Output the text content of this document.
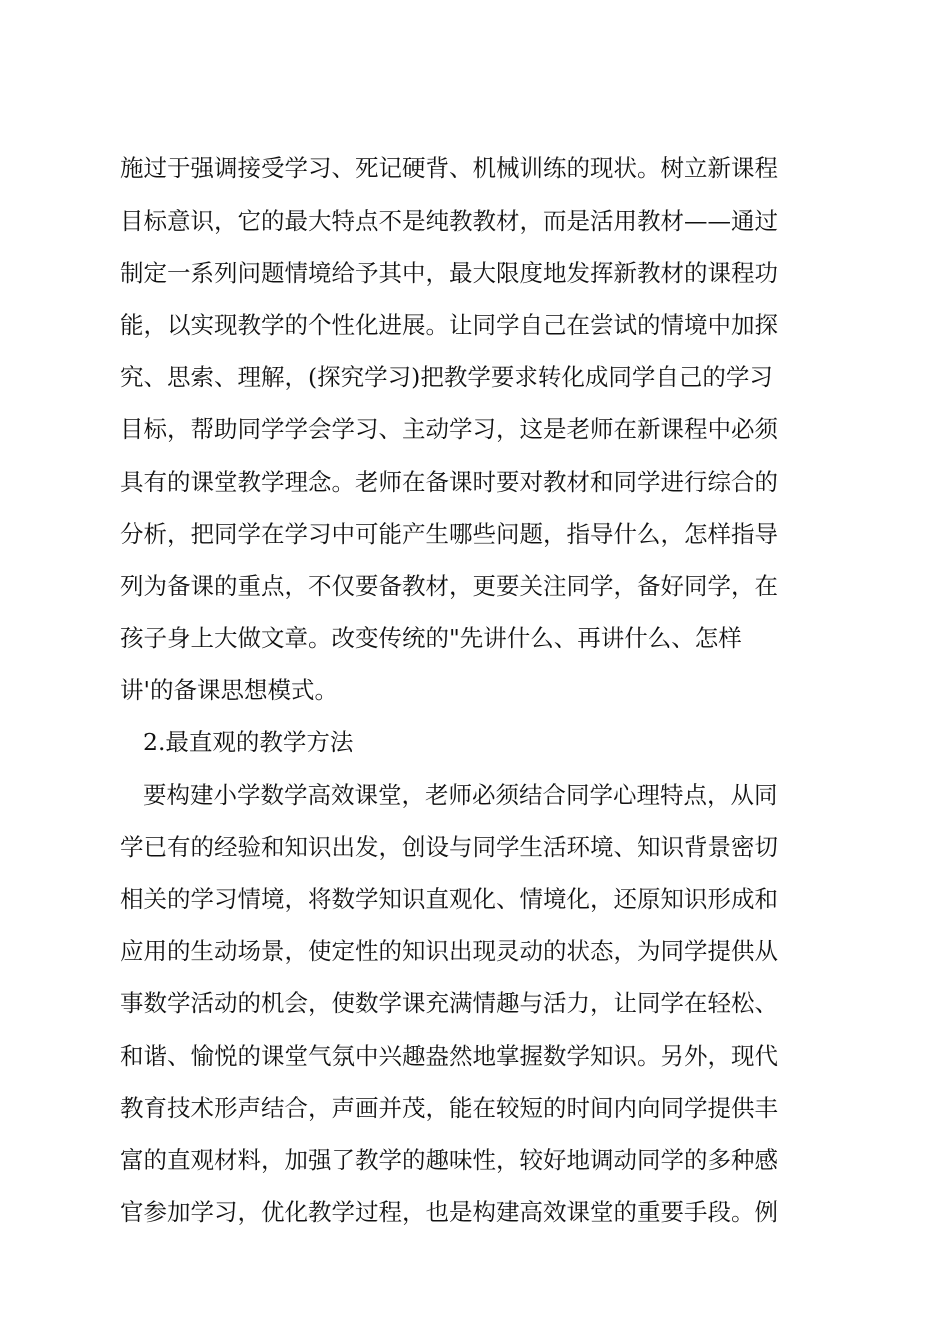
施过于强调接受学习、死记硬背、机械训练的现状。树立新课程
目标意识，它的最大特点不是纯教教材，而是活用教材——通过
制定一系列问题情境给予其中，最大限度地发挥新教材的课程功
能，以实现教学的个性化进展。让同学自己在尝试的情境中加探
究、思索、理解，(探究学习)把教学要求转化成同学自己的学习
目标，帮助同学学会学习、主动学习，这是老师在新课程中必须
具有的课堂教学理念。老师在备课时要对教材和同学进行综合的
分析，把同学在学习中可能产生哪些问题，指导什么，怎样指导
列为备课的重点，不仅要备教材，更要关注同学，备好同学，在
孩子身上大做文章。改变传统的"先讲什么、再讲什么、怎样
讲'的备课思想模式。
2.最直观的教学方法
要构建小学数学高效课堂，老师必须结合同学心理特点，从同
学已有的经验和知识出发，创设与同学生活环境、知识背景密切
相关的学习情境，将数学知识直观化、情境化，还原知识形成和
应用的生动场景，使定性的知识出现灵动的状态，为同学提供从
事数学活动的机会，使数学课充满情趣与活力，让同学在轻松、
和谐、愉悦的课堂气氛中兴趣盎然地掌握数学知识。另外，现代
教育技术形声结合，声画并茂，能在较短的时间内向同学提供丰
富的直观材料，加强了教学的趣味性，较好地调动同学的多种感
官参加学习，优化教学过程，也是构建高效课堂的重要手段。例
